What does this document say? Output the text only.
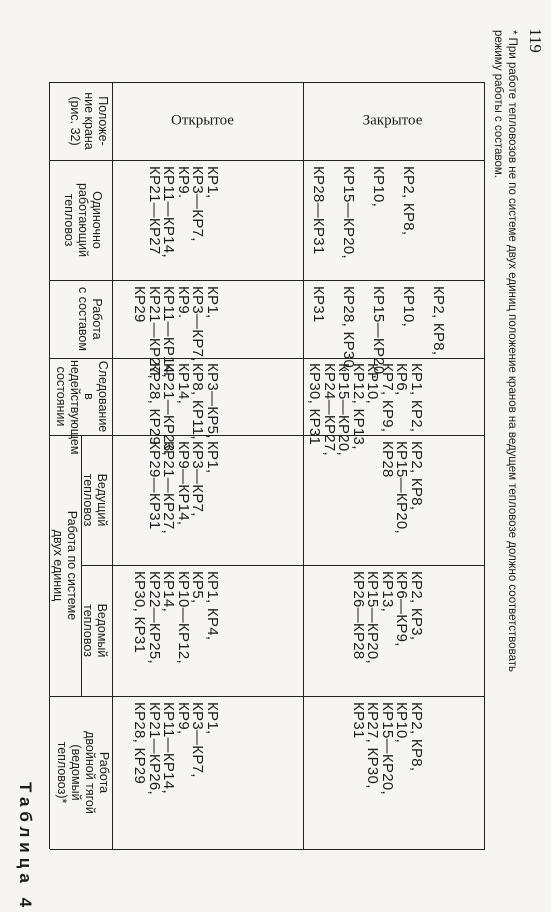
Таблица 4
119
* При работе тепловозов не по системе двух единиц положение кранов на ведущем тепловозе должно соответствовать
режиму работы с составом.
Положе-
ние крана
(рис. 32)
Одиночно работающий
тепловоз
Работа
с составом
Следование
в недействующем
состоянии
Работа по системе
двух единиц
Ведущий
тепловоз
Ведомый
тепловоз
Работа
двойной тягой
(ведомый
тепловоз)*
Открытое	Закрытое
КР1,
КР3—КР7,
КР9.
КР11—КР14,
КР21—КР27
КР1,
КР3—КР7,
КР9.
КР11—КР14,
КР21—КР27,
КР29
КР3—КР5,
КР8, КР11,
КР14,
КР21—КР23,
КР28, КР29
КР1,
КР3—КР7,
КР9—КР14,
КР21—КР27,
КР29—КР31
КР1, КР4,
КР5,
КР10—КР12,
КР14,
КР22—КР25,
КР30, КР31
КР1,
КР3—КР7,
КР9,
КР11—КР14,
КР21—КР26,
КР28, КР29
КР2, КР8,
КР10,
КР15—КР20,
КР28—КР31
КР2, КР8,
КР10,
КР15—КР20,
КР28, КР30,
КР31
КР1, КР2,
КР6,
КР7, КР9,
КР10,
КР12, КР13,
КР15—КР20,
КР24—КР27,
КР30, КР31
КР2, КР8,
КР15—КР20,
КР28
КР2, КР3,
КР6—КР9,
КР13,
КР15—КР20,
КР26—КР28
КР2, КР8,
КР10,
КР15—КР20,
КР27, КР30,
КР31
